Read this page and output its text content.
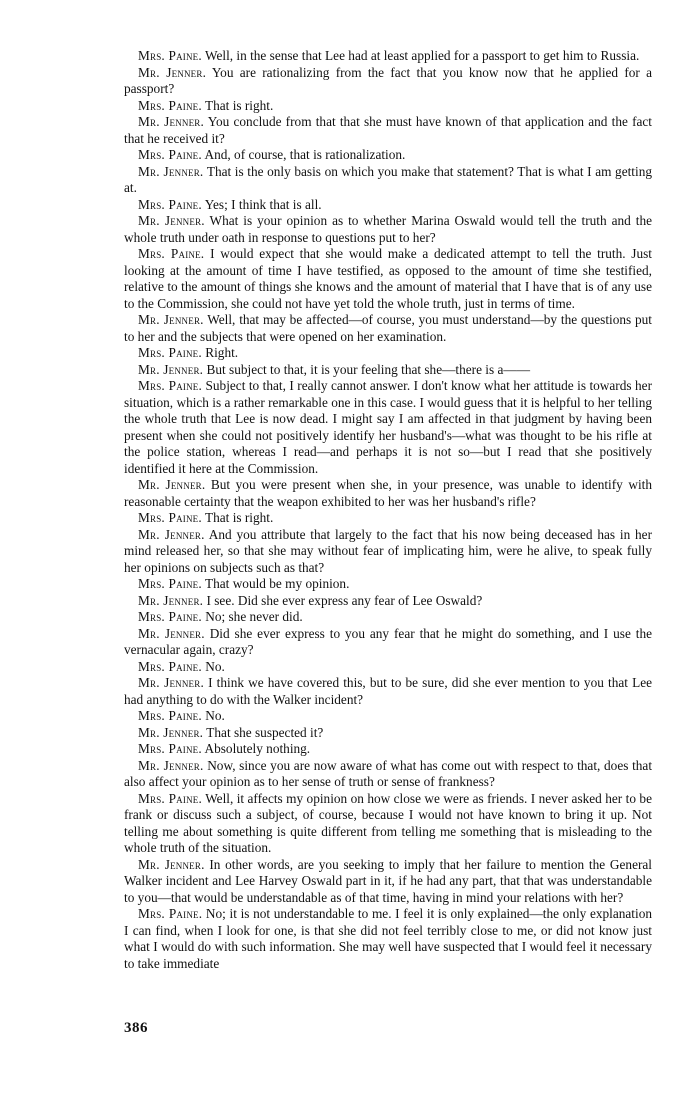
Mrs. Paine. Well, in the sense that Lee had at least applied for a passport to get him to Russia.

Mr. Jenner. You are rationalizing from the fact that you know now that he applied for a passport?

Mrs. Paine. That is right.

Mr. Jenner. You conclude from that that she must have known of that application and the fact that he received it?

Mrs. Paine. And, of course, that is rationalization.

Mr. Jenner. That is the only basis on which you make that statement? That is what I am getting at.

Mrs. Paine. Yes; I think that is all.

Mr. Jenner. What is your opinion as to whether Marina Oswald would tell the truth and the whole truth under oath in response to questions put to her?

Mrs. Paine. I would expect that she would make a dedicated attempt to tell the truth. Just looking at the amount of time I have testified, as opposed to the amount of time she testified, relative to the amount of things she knows and the amount of material that I have that is of any use to the Commission, she could not have yet told the whole truth, just in terms of time.

Mr. Jenner. Well, that may be affected—of course, you must understand—by the questions put to her and the subjects that were opened on her examination.

Mrs. Paine. Right.

Mr. Jenner. But subject to that, it is your feeling that she—there is a——

Mrs. Paine. Subject to that, I really cannot answer. I don't know what her attitude is towards her situation, which is a rather remarkable one in this case. I would guess that it is helpful to her telling the whole truth that Lee is now dead. I might say I am affected in that judgment by having been present when she could not positively identify her husband's—what was thought to be his rifle at the police station, whereas I read—and perhaps it is not so—but I read that she positively identified it here at the Commission.

Mr. Jenner. But you were present when she, in your presence, was unable to identify with reasonable certainty that the weapon exhibited to her was her husband's rifle?

Mrs. Paine. That is right.

Mr. Jenner. And you attribute that largely to the fact that his now being deceased has in her mind released her, so that she may without fear of implicating him, were he alive, to speak fully her opinions on subjects such as that?

Mrs. Paine. That would be my opinion.

Mr. Jenner. I see. Did she ever express any fear of Lee Oswald?

Mrs. Paine. No; she never did.

Mr. Jenner. Did she ever express to you any fear that he might do something, and I use the vernacular again, crazy?

Mrs. Paine. No.

Mr. Jenner. I think we have covered this, but to be sure, did she ever mention to you that Lee had anything to do with the Walker incident?

Mrs. Paine. No.

Mr. Jenner. That she suspected it?

Mrs. Paine. Absolutely nothing.

Mr. Jenner. Now, since you are now aware of what has come out with respect to that, does that also affect your opinion as to her sense of truth or sense of frankness?

Mrs. Paine. Well, it affects my opinion on how close we were as friends. I never asked her to be frank or discuss such a subject, of course, because I would not have known to bring it up. Not telling me about something is quite different from telling me something that is misleading to the whole truth of the situation.

Mr. Jenner. In other words, are you seeking to imply that her failure to mention the General Walker incident and Lee Harvey Oswald part in it, if he had any part, that that was understandable to you—that would be understandable as of that time, having in mind your relations with her?

Mrs. Paine. No; it is not understandable to me. I feel it is only explained—the only explanation I can find, when I look for one, is that she did not feel terribly close to me, or did not know just what I would do with such information. She may well have suspected that I would feel it necessary to take immediate

386
